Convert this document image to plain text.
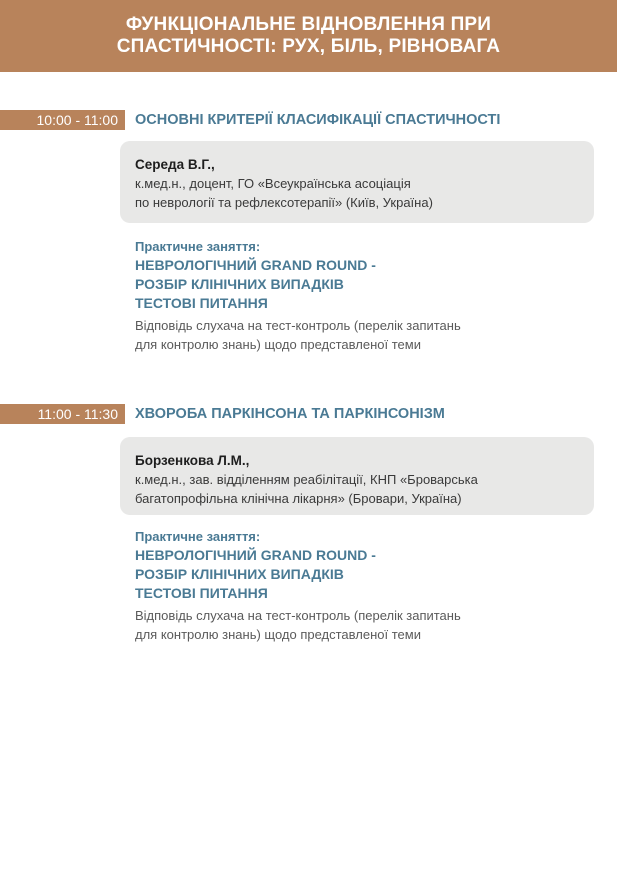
ФУНКЦІОНАЛЬНЕ ВІДНОВЛЕННЯ ПРИ
СПАСТИЧНОСТІ: РУХ, БІЛЬ, РІВНОВАГА
10:00 - 11:00	ОСНОВНІ КРИТЕРІЇ КЛАСИФІКАЦІЇ СПАСТИЧНОСТІ
Середа В.Г.,
к.мед.н., доцент, ГО «Всеукраїнська асоціація
по неврології та рефлексотерапії» (Київ, Україна)
Практичне заняття:
НЕВРОЛОГІЧНИЙ GRAND ROUND -
РОЗБІР КЛІНІЧНИХ ВИПАДКІВ
ТЕСТОВІ ПИТАННЯ
Відповідь слухача на тест-контроль (перелік запитань
для контролю знань) щодо представленої теми
11:00 - 11:30	ХВОРОБА ПАРКІНСОНА ТА ПАРКІНСОНІЗМ
Борзенкова Л.М.,
к.мед.н., зав. відділенням реабілітації, КНП «Броварська
багатопрофільна клінічна лікарня» (Бровари, Україна)
Практичне заняття:
НЕВРОЛОГІЧНИЙ GRAND ROUND -
РОЗБІР КЛІНІЧНИХ ВИПАДКІВ
ТЕСТОВІ ПИТАННЯ
Відповідь слухача на тест-контроль (перелік запитань
для контролю знань) щодо представленої теми
